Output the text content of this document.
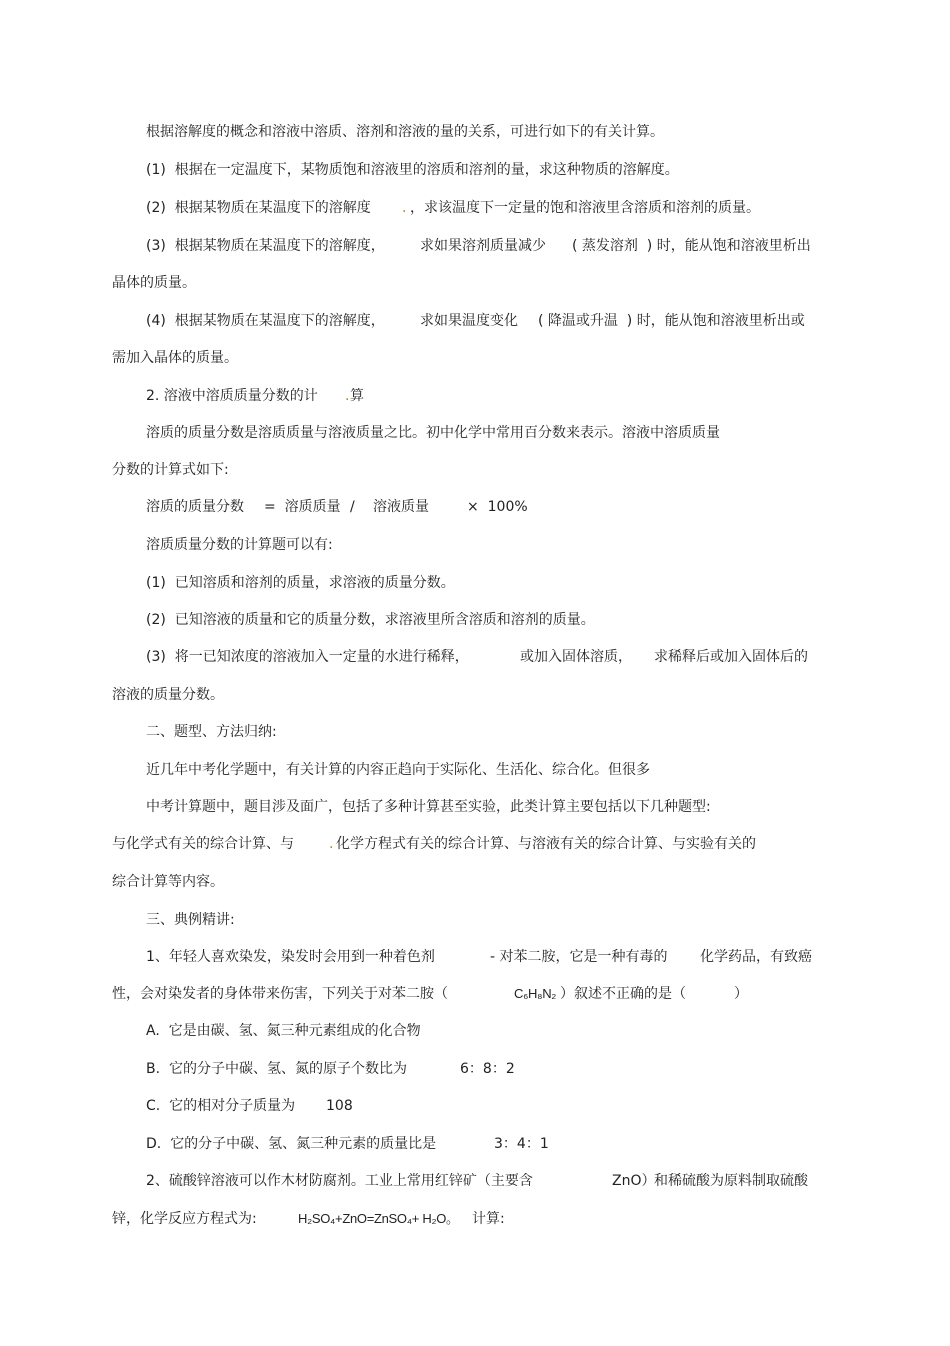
根据溶解度的概念和溶液中溶质、溶剂和溶液的量的关系，可进行如下的有关计算。
(1)  根据在一定温度下，某物质饱和溶液里的溶质和溶剂的量，求这种物质的溶解度。
(2)  根据某物质在某温度下的溶解度 . ，求该温度下一定量的饱和溶液里含溶质和溶剂的质量。
(3)  根据某物质在某温度下的溶解度，	求如果溶剂质量减少 ( 蒸发溶剂  ) 时，能从饱和溶液里析出
晶体的质量。
(4)  根据某物质在某温度下的溶解度，	求如果温度变化 ( 降温或升温  ) 时，能从饱和溶液里析出或
需加入晶体的质量。
2. 溶液中溶质质量分数的计 . 算
溶质的质量分数是溶质质量与溶液质量之比。初中化学中常用百分数来表示。溶液中溶质质量
分数的计算式如下:
溶质的质量分数 =  溶质质量 / 溶液质量	×  100%
溶质质量分数的计算题可以有:
(1)  已知溶质和溶剂的质量，求溶液的质量分数。
(2)  已知溶液的质量和它的质量分数，求溶液里所含溶质和溶剂的质量。
(3)  将一已知浓度的溶液加入一定量的水进行稀释，	或加入固体溶质， 求稀释后或加入固体后的
溶液的质量分数。
二、题型、方法归纳:
近几年中考化学题中，有关计算的内容正趋向于实际化、生活化、综合化。但很多
中考计算题中，题目涉及面广，包括了多种计算甚至实验，此类计算主要包括以下几种题型:
与化学式有关的综合计算、与	. 化学方程式有关的综合计算、与溶液有关的综合计算、与实验有关的
综合计算等内容。
三、典例精讲:
1、年轻人喜欢染发，染发时会用到一种着色剂	- 对苯二胺，它是一种有毒的 化学药品，有致癌
性，会对染发者的身体带来伤害，下列关于对苯二胺（	C₆H₈N₂ ）叙述不正确的是（	）
A.  它是由碳、氢、氮三种元素组成的化合物
B.  它的分子中碳、氢、氮的原子个数比为	6：8：2
C.  它的相对分子质量为 108
D.  它的分子中碳、氢、氮三种元素的质量比是	3：4：1
2、硫酸锌溶液可以作木材防腐剂。工业上常用红锌矿（主要含	ZnO）
和稀硫酸为原料制取硫酸
锌，化学反应方程式为:	H₂SO₄+ZnO=ZnSO₄+ H₂O。 计算:
